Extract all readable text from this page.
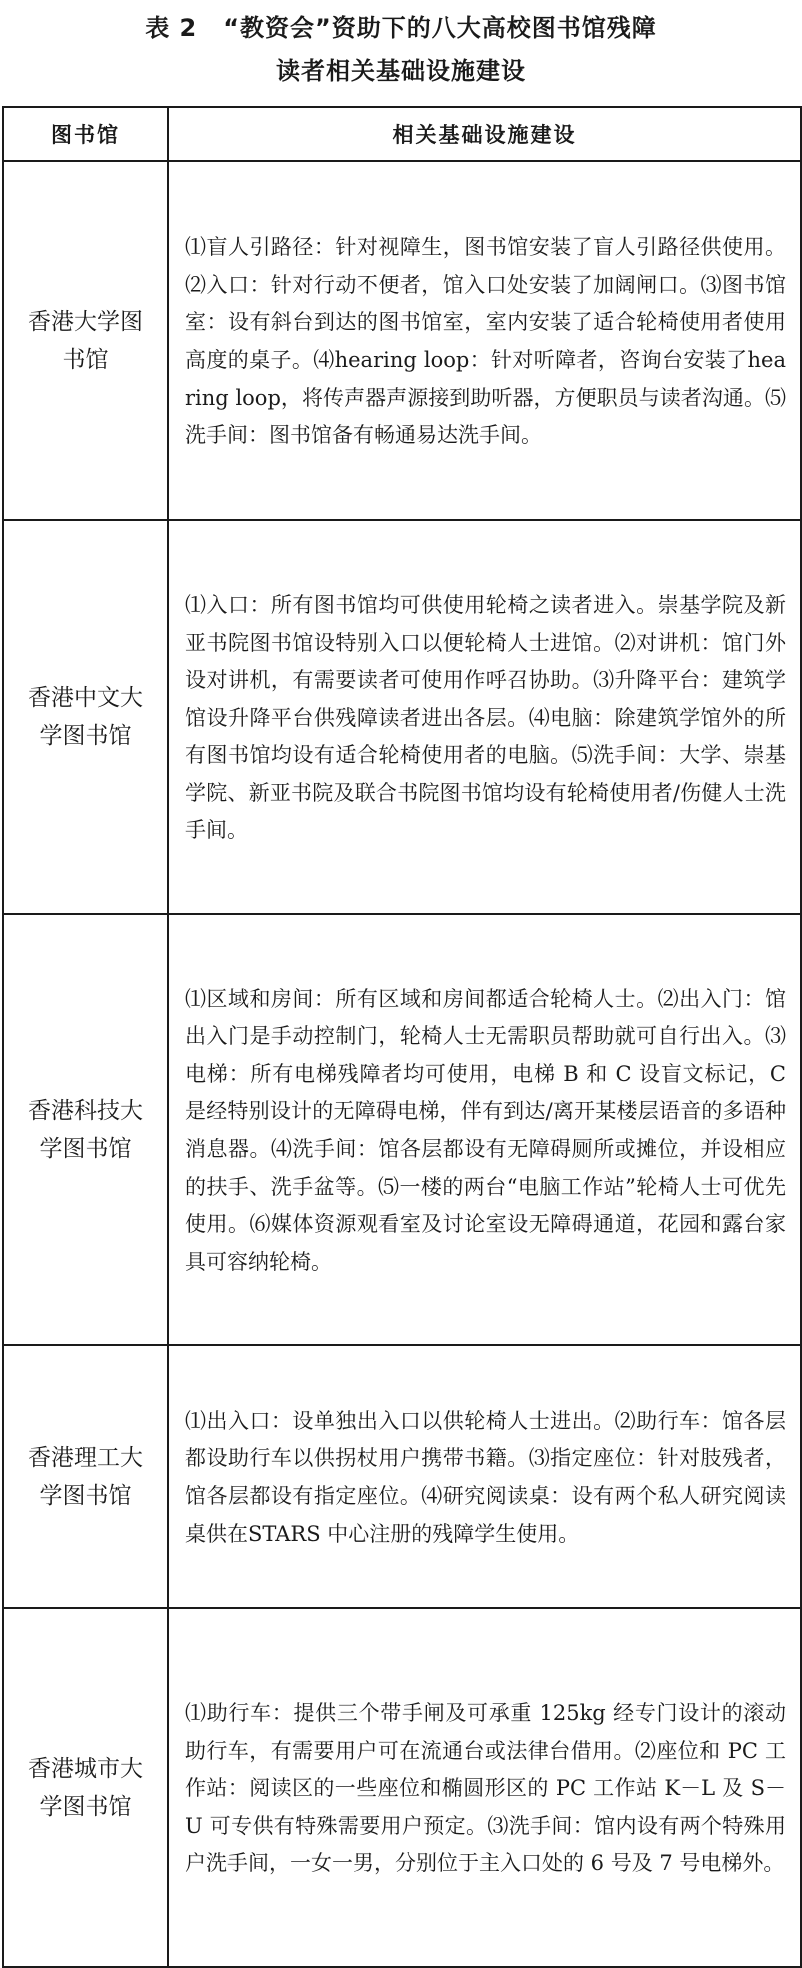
表 2 “教资会”资助下的八大高校图书馆残障
读者相关基础设施建设
图书馆	相关基础设施建设
香港大学图书馆	⑴盲人引路径：针对视障生，图书馆安装了盲人引路径供使用。⑵入口：针对行动不便者，馆入口处安装了加阔闸口。⑶图书馆室：设有斜台到达的图书馆室，室内安装了适合轮椅使用者使用高度的桌子。⑷hearing loop：针对听障者，咨询台安装了hearing loop，将传声器声源接到助听器，方便职员与读者沟通。⑸洗手间：图书馆备有畅通易达洗手间。
香港中文大学图书馆	⑴入口：所有图书馆均可供使用轮椅之读者进入。崇基学院及新亚书院图书馆设特别入口以便轮椅人士进馆。⑵对讲机：馆门外设对讲机，有需要读者可使用作呼召协助。⑶升降平台：建筑学馆设升降平台供残障读者进出各层。⑷电脑：除建筑学馆外的所有图书馆均设有适合轮椅使用者的电脑。⑸洗手间：大学、崇基学院、新亚书院及联合书院图书馆均设有轮椅使用者/伤健人士洗手间。
香港科技大学图书馆	⑴区域和房间：所有区域和房间都适合轮椅人士。⑵出入门：馆出入门是手动控制门，轮椅人士无需职员帮助就可自行出入。⑶电梯：所有电梯残障者均可使用，电梯 B 和 C 设盲文标记，C 是经特别设计的无障碍电梯，伴有到达/离开某楼层语音的多语种消息器。⑷洗手间：馆各层都设有无障碍厕所或摊位，并设相应的扶手、洗手盆等。⑸一楼的两台“电脑工作站”轮椅人士可优先使用。⑹媒体资源观看室及讨论室设无障碍通道，花园和露台家具可容纳轮椅。
香港理工大学图书馆	⑴出入口：设单独出入口以供轮椅人士进出。⑵助行车：馆各层都设助行车以供拐杖用户携带书籍。⑶指定座位：针对肢残者，馆各层都设有指定座位。⑷研究阅读桌：设有两个私人研究阅读桌供在STARS 中心注册的残障学生使用。
香港城市大学图书馆	⑴助行车：提供三个带手闸及可承重 125kg 经专门设计的滚动助行车，有需要用户可在流通台或法律台借用。⑵座位和 PC 工作站：阅读区的一些座位和椭圆形区的 PC 工作站 K－L 及 S－U 可专供有特殊需要用户预定。⑶洗手间：馆内设有两个特殊用户洗手间，一女一男，分别位于主入口处的 6 号及 7 号电梯外。
